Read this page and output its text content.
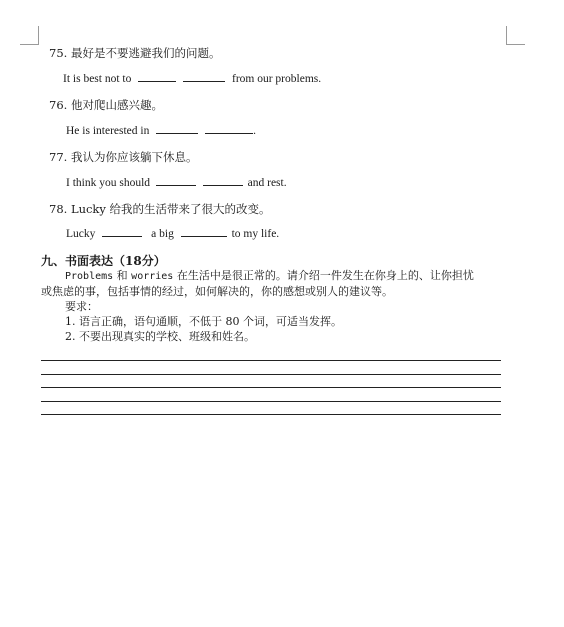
75. 最好是不要逃避我们的问题。
It is best not to	from our problems.
76. 他对爬山感兴趣。
He is interested in	.
77. 我认为你应该躺下休息。
I think you should	and rest.
78. Lucky 给我的生活带来了很大的改变。
Lucky	a big	to my life.
九、书面表达（18分）
Problems 和 worries 在生活中是很正常的。请介绍一件发生在你身上的、让你担忧
或焦虑的事，包括事情的经过，如何解决的，你的感想或别人的建议等。
要求：
1. 语言正确，语句通顺，不低于 80 个词，可适当发挥。
2. 不要出现真实的学校、班级和姓名。
